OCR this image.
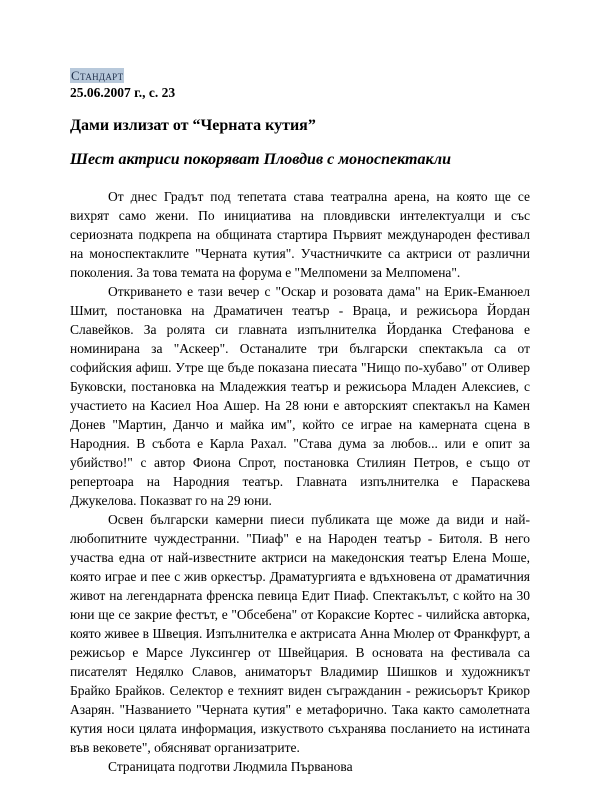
Стандарт
25.06.2007 г., с. 23
Дами излизат от “Черната кутия”
Шест актриси покоряват Пловдив с моноспектакли

От днес Градът под тепетата става театрална арена, на която ще се вихрят само жени. По инициатива на пловдивски интелектуалци и със сериозната подкрепа на общината стартира Първият международен фестивал на моноспектаклите "Черната кутия". Участничките са актриси от различни поколения. За това темата на форума е "Мелпомени за Мелпомена".

Откриването е тази вечер с "Оскар и розовата дама" на Ерик-Еманюел Шмит, постановка на Драматичен театър - Враца, и режисьора Йордан Славейков. За ролята си главната изпълнителка Йорданка Стефанова е номинирана за "Аскеер". Останалите три български спектакъла са от софийския афиш. Утре ще бъде показана пиесата "Нищо по-хубаво" от Оливер Буковски, постановка на Младежкия театър и режисьора Младен Алексиев, с участието на Касиел Ноа Ашер. На 28 юни е авторският спектакъл на Камен Донев "Мартин, Данчо и майка им", който се играе на камерната сцена в Народния. В събота е Карла Рахал. "Става дума за любов... или е опит за убийство!" с автор Фиона Спрот, постановка Стилиян Петров, е също от репертоара на Народния театър. Главната изпълнителка е Параскева Джукелова. Показват го на 29 юни.

Освен български камерни пиеси публиката ще може да види и най-любопитните чуждестранни. "Пиаф" е на Народен театър - Битоля. В него участва една от най-известните актриси на македонския театър Елена Моше, която играе и пее с жив оркестър. Драматургията е вдъхновена от драматичния живот на легендарната френска певица Едит Пиаф. Спектакълът, с който на 30 юни ще се закрие фестът, е "Обсебена" от Кораксие Кортес - чилийска авторка, която живее в Швеция. Изпълнителка е актрисата Анна Мюлер от Франкфурт, а режисьор е Марсе Луксингер от Швейцария. В основата на фестивала са писателят Недялко Славов, аниматорът Владимир Шишков и художникът Брайко Брайков. Селектор е техният виден съгражданин - режисьорът Крикор Азарян. "Названието "Черната кутия" е метафорично. Така както самолетната кутия носи цялата информация, изкуството съхранява посланието на истината във вековете", обясняват организатрите.

Страницата подготви Людмила Първанова
